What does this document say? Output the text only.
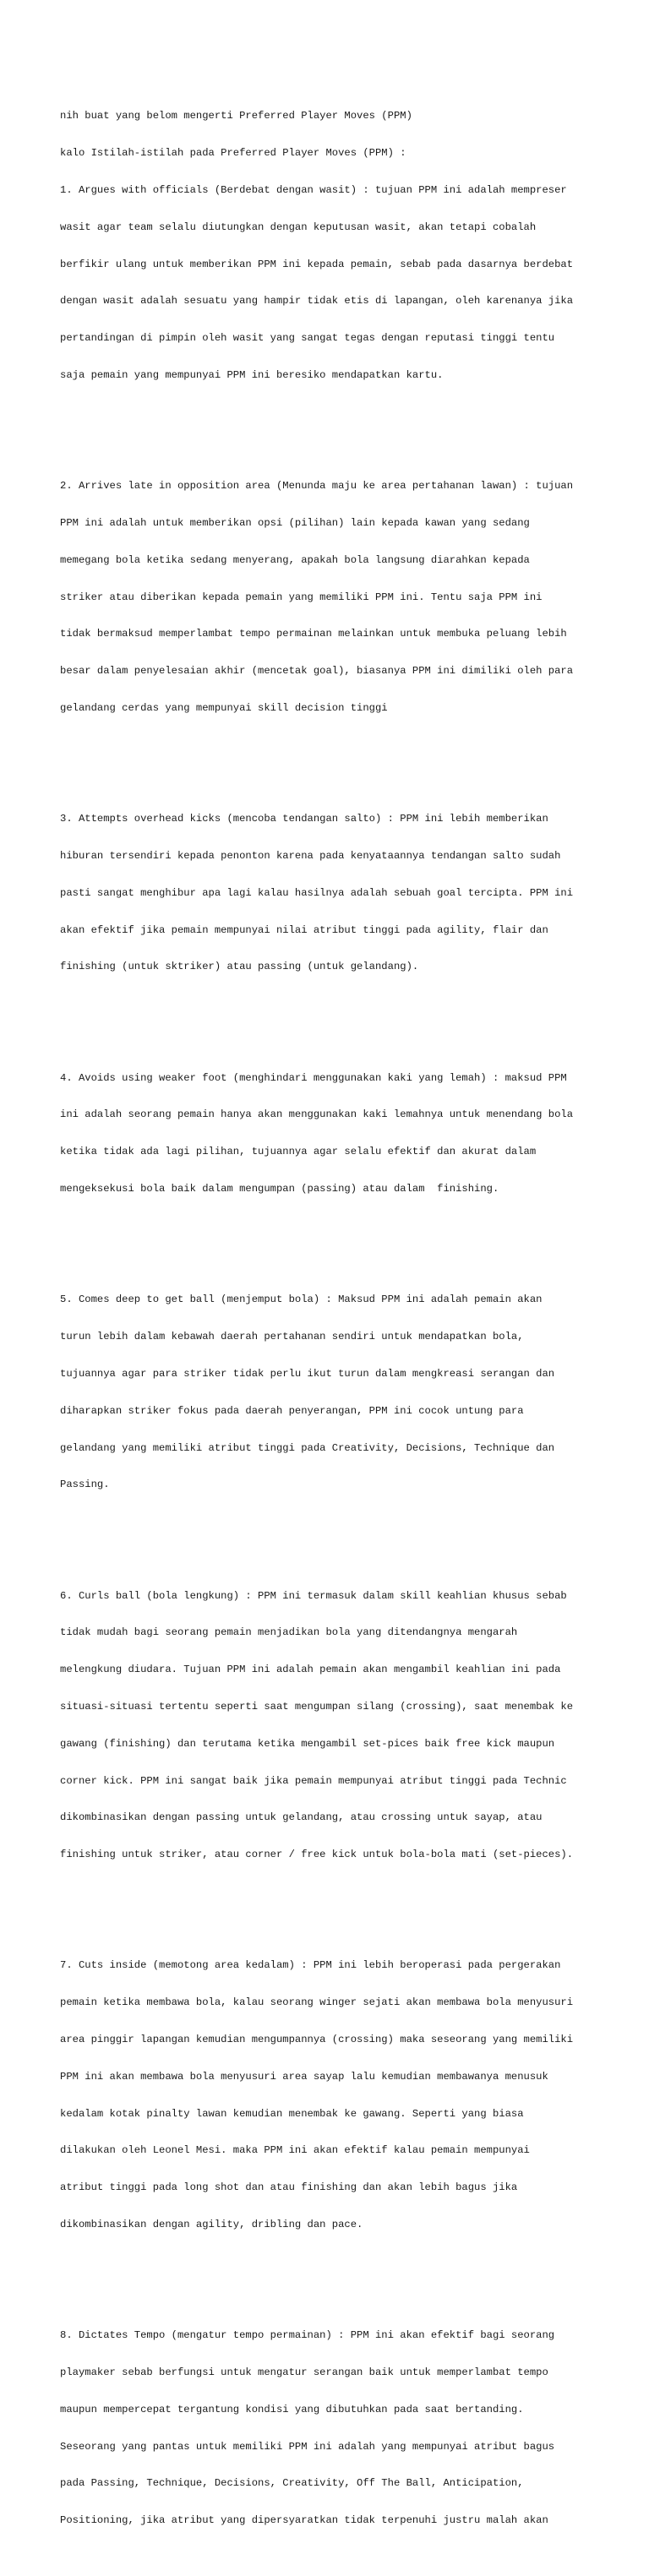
nih buat yang belom mengerti Preferred Player Moves (PPM)

kalo Istilah-istilah pada Preferred Player Moves (PPM) :

1. Argues with officials (Berdebat dengan wasit) : tujuan PPM ini adalah mempreser

wasit agar team selalu diutungkan dengan keputusan wasit, akan tetapi cobalah

berfikir ulang untuk memberikan PPM ini kepada pemain, sebab pada dasarnya berdebat

dengan wasit adalah sesuatu yang hampir tidak etis di lapangan, oleh karenanya jika

pertandingan di pimpin oleh wasit yang sangat tegas dengan reputasi tinggi tentu

saja pemain yang mempunyai PPM ini beresiko mendapatkan kartu.

2. Arrives late in opposition area (Menunda maju ke area pertahanan lawan) : tujuan

PPM ini adalah untuk memberikan opsi (pilihan) lain kepada kawan yang sedang

memegang bola ketika sedang menyerang, apakah bola langsung diarahkan kepada

striker atau diberikan kepada pemain yang memiliki PPM ini. Tentu saja PPM ini

tidak bermaksud memperlambat tempo permainan melainkan untuk membuka peluang lebih

besar dalam penyelesaian akhir (mencetak goal), biasanya PPM ini dimiliki oleh para

gelandang cerdas yang mempunyai skill decision tinggi

3. Attempts overhead kicks (mencoba tendangan salto) : PPM ini lebih memberikan

hiburan tersendiri kepada penonton karena pada kenyataannya tendangan salto sudah

pasti sangat menghibur apa lagi kalau hasilnya adalah sebuah goal tercipta. PPM ini

akan efektif jika pemain mempunyai nilai atribut tinggi pada agility, flair dan

finishing (untuk sktriker) atau passing (untuk gelandang).

4. Avoids using weaker foot (menghindari menggunakan kaki yang lemah) : maksud PPM

ini adalah seorang pemain hanya akan menggunakan kaki lemahnya untuk menendang bola

ketika tidak ada lagi pilihan, tujuannya agar selalu efektif dan akurat dalam

mengeksekusi bola baik dalam mengumpan (passing) atau dalam  finishing.

5. Comes deep to get ball (menjemput bola) : Maksud PPM ini adalah pemain akan

turun lebih dalam kebawah daerah pertahanan sendiri untuk mendapatkan bola,

tujuannya agar para striker tidak perlu ikut turun dalam mengkreasi serangan dan

diharapkan striker fokus pada daerah penyerangan, PPM ini cocok untung para

gelandang yang memiliki atribut tinggi pada Creativity, Decisions, Technique dan

Passing.

6. Curls ball (bola lengkung) : PPM ini termasuk dalam skill keahlian khusus sebab

tidak mudah bagi seorang pemain menjadikan bola yang ditendangnya mengarah

melengkung diudara. Tujuan PPM ini adalah pemain akan mengambil keahlian ini pada

situasi-situasi tertentu seperti saat mengumpan silang (crossing), saat menembak ke

gawang (finishing) dan terutama ketika mengambil set-pices baik free kick maupun

corner kick. PPM ini sangat baik jika pemain mempunyai atribut tinggi pada Technic

dikombinasikan dengan passing untuk gelandang, atau crossing untuk sayap, atau

finishing untuk striker, atau corner / free kick untuk bola-bola mati (set-pieces).

7. Cuts inside (memotong area kedalam) : PPM ini lebih beroperasi pada pergerakan

pemain ketika membawa bola, kalau seorang winger sejati akan membawa bola menyusuri

area pinggir lapangan kemudian mengumpannya (crossing) maka seseorang yang memiliki

PPM ini akan membawa bola menyusuri area sayap lalu kemudian membawanya menusuk

kedalam kotak pinalty lawan kemudian menembak ke gawang. Seperti yang biasa

dilakukan oleh Leonel Mesi. maka PPM ini akan efektif kalau pemain mempunyai

atribut tinggi pada long shot dan atau finishing dan akan lebih bagus jika

dikombinasikan dengan agility, dribling dan pace.

8. Dictates Tempo (mengatur tempo permainan) : PPM ini akan efektif bagi seorang

playmaker sebab berfungsi untuk mengatur serangan baik untuk memperlambat tempo

maupun mempercepat tergantung kondisi yang dibutuhkan pada saat bertanding.

Seseorang yang pantas untuk memiliki PPM ini adalah yang mempunyai atribut bagus

pada Passing, Technique, Decisions, Creativity, Off The Ball, Anticipation,

Positioning, jika atribut yang dipersyaratkan tidak terpenuhi justru malah akan
